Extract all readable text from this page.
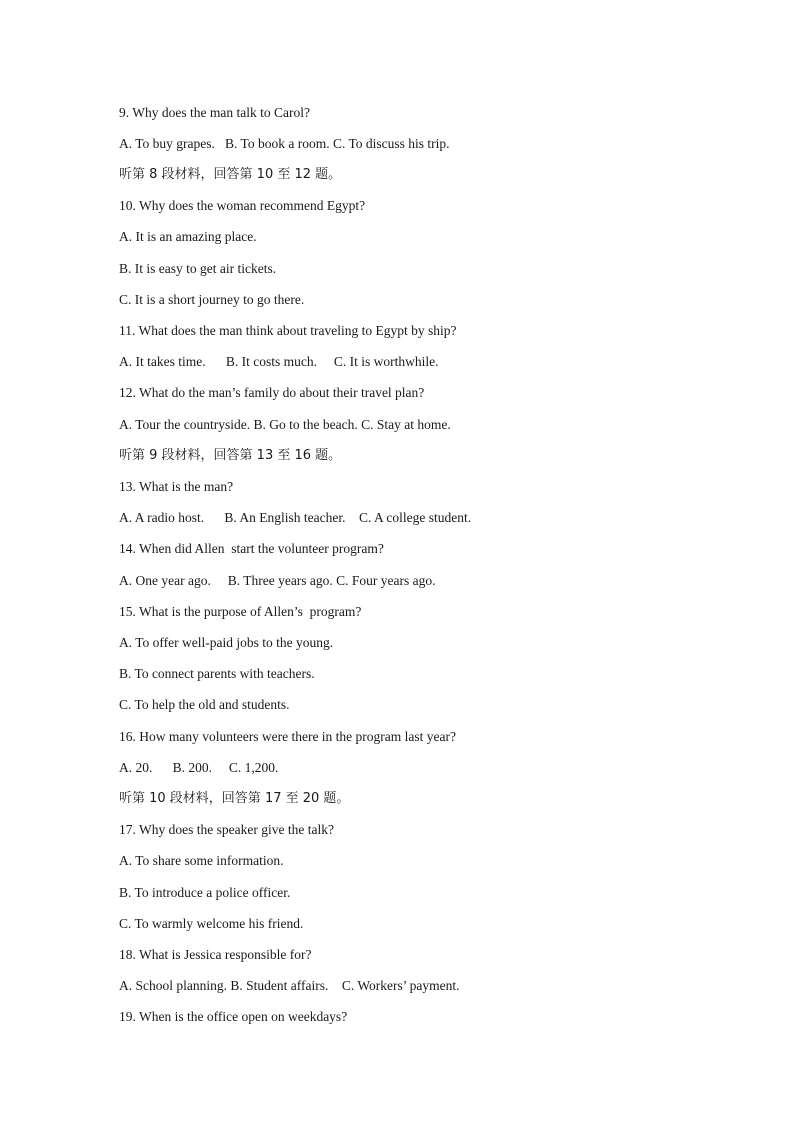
9. Why does the man talk to Carol?
A. To buy grapes.   B. To book a room. C. To discuss his trip.
听第 8 段材料，回答第 10 至 12 题。
10. Why does the woman recommend Egypt?
A. It is an amazing place.
B. It is easy to get air tickets.
C. It is a short journey to go there.
11. What does the man think about traveling to Egypt by ship?
A. It takes time.      B. It costs much.     C. It is worthwhile.
12. What do the man’s family do about their travel plan?
A. Tour the countryside. B. Go to the beach. C. Stay at home.
听第 9 段材料，回答第 13 至 16 题。
13. What is the man?
A. A radio host.      B. An English teacher.    C. A college student.
14. When did Allen  start the volunteer program?
A. One year ago.     B. Three years ago. C. Four years ago.
15. What is the purpose of Allen’s  program?
A. To offer well-paid jobs to the young.
B. To connect parents with teachers.
C. To help the old and students.
16. How many volunteers were there in the program last year?
A. 20.      B. 200.     C. 1,200.
听第 10 段材料，回答第 17 至 20 题。
17. Why does the speaker give the talk?
A. To share some information.
B. To introduce a police officer.
C. To warmly welcome his friend.
18. What is Jessica responsible for?
A. School planning. B. Student affairs.    C. Workers’ payment.
19. When is the office open on weekdays?
